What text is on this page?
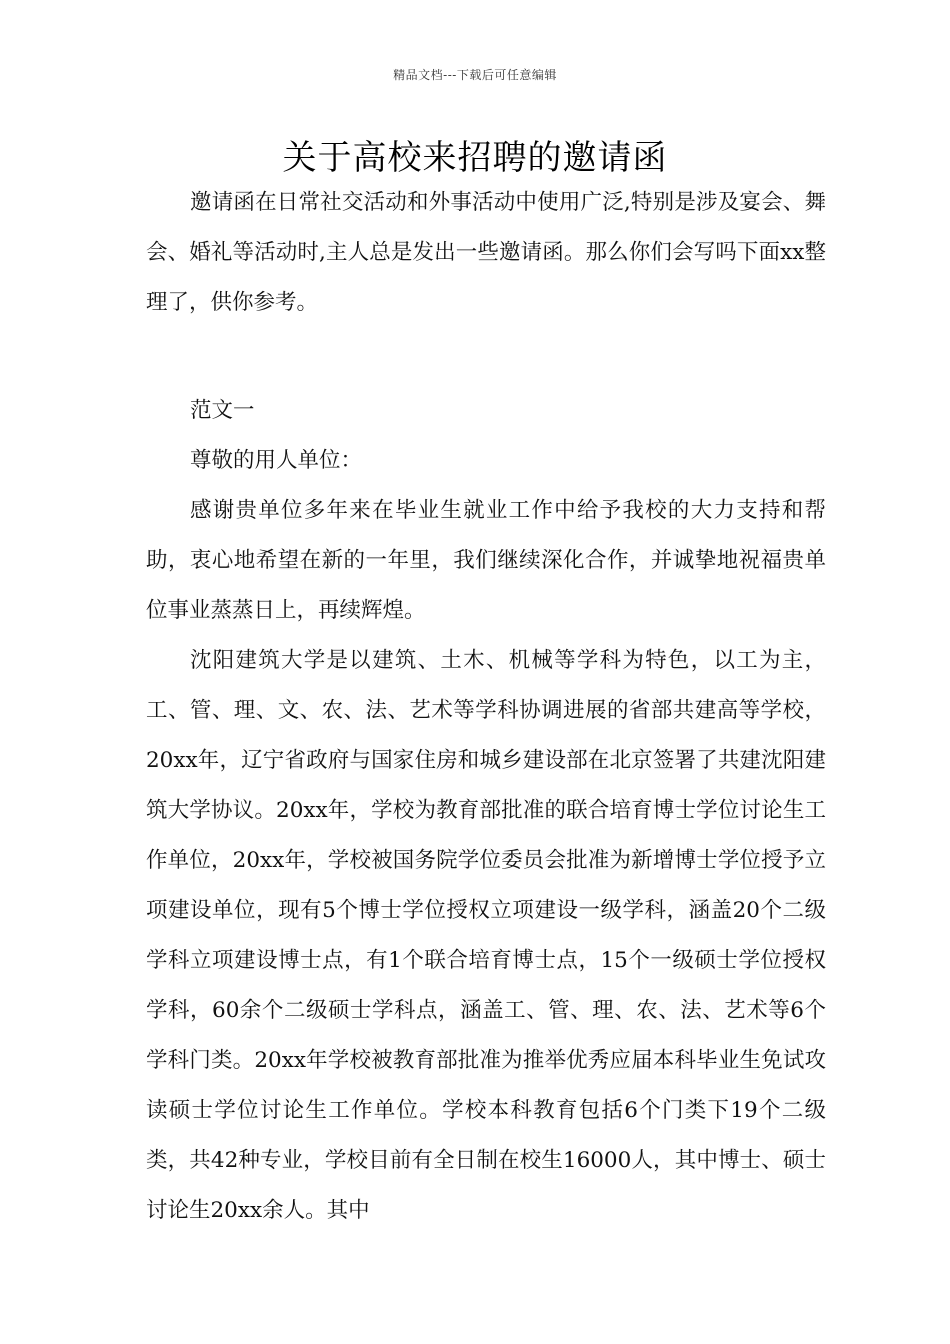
精品文档---下载后可任意编辑
关于高校来招聘的邀请函

邀请函在日常社交活动和外事活动中使用广泛,特别是涉及宴会、舞会、婚礼等活动时,主人总是发出一些邀请函。那么你们会写吗下面xx整理了，供你参考。

范文一

尊敬的用人单位：

感谢贵单位多年来在毕业生就业工作中给予我校的大力支持和帮助，衷心地希望在新的一年里，我们继续深化合作，并诚挚地祝福贵单位事业蒸蒸日上，再续辉煌。

沈阳建筑大学是以建筑、土木、机械等学科为特色，以工为主，工、管、理、文、农、法、艺术等学科协调进展的省部共建高等学校，20xx年，辽宁省政府与国家住房和城乡建设部在北京签署了共建沈阳建筑大学协议。20xx年，学校为教育部批准的联合培育博士学位讨论生工作单位，20xx年，学校被国务院学位委员会批准为新增博士学位授予立项建设单位，现有5个博士学位授权立项建设一级学科，涵盖20个二级学科立项建设博士点，有1个联合培育博士点，15个一级硕士学位授权学科，60余个二级硕士学科点，涵盖工、管、理、农、法、艺术等6个学科门类。20xx年学校被教育部批准为推举优秀应届本科毕业生免试攻读硕士学位讨论生工作单位。学校本科教育包括6个门类下19个二级类，共42种专业，学校目前有全日制在校生16000人，其中博士、硕士讨论生20xx余人。其中
